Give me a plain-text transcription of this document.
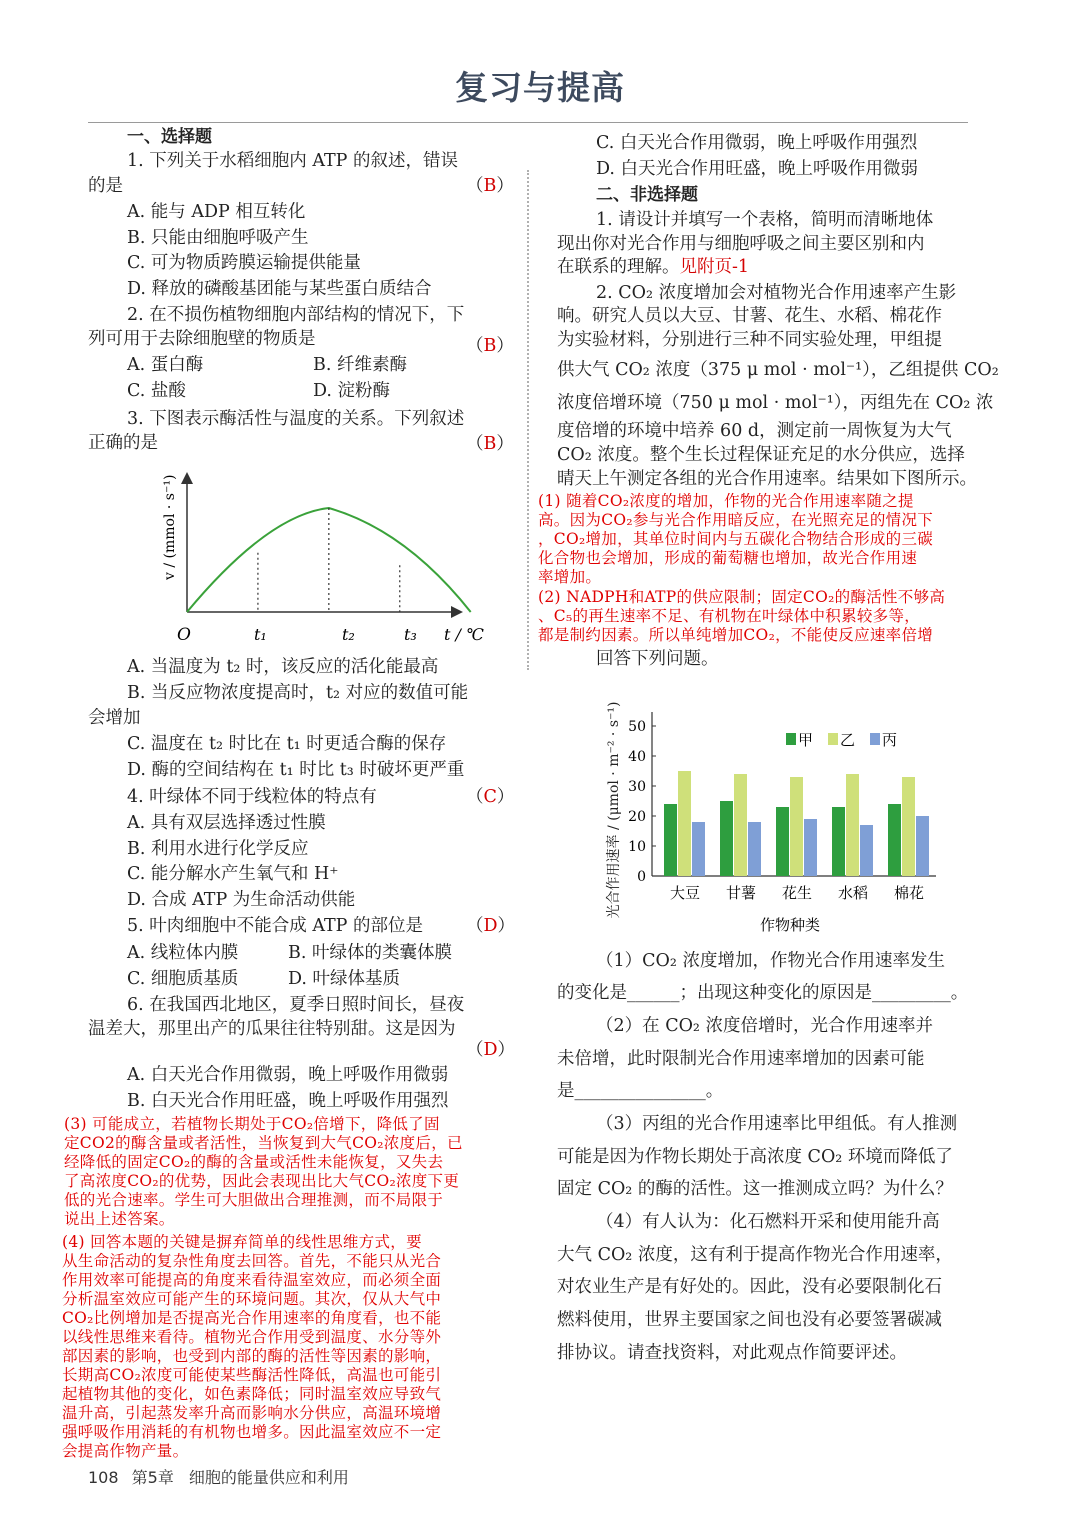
复习与提高
一、选择题
1. 下列关于水稻细胞内 ATP 的叙述，错误
的是	（B）
A. 能与 ADP 相互转化
B. 只能由细胞呼吸产生
C. 可为物质跨膜运输提供能量
D. 释放的磷酸基团能与某些蛋白质结合
2. 在不损伤植物细胞内部结构的情况下，下
列可用于去除细胞壁的物质是	（B）
A. 蛋白酶	B. 纤维素酶
C. 盐酸	D. 淀粉酶
3. 下图表示酶活性与温度的关系。下列叙述
正确的是	（B）
O	t₁	t₂	t₃ t / ℃
v / (mmol · s⁻¹)
A. 当温度为 t₂ 时，该反应的活化能最高
B. 当反应物浓度提高时，t₂ 对应的数值可能
会增加
C. 温度在 t₂ 时比在 t₁ 时更适合酶的保存
D. 酶的空间结构在 t₁ 时比 t₃ 时破坏更严重
4. 叶绿体不同于线粒体的特点有	（C）
A. 具有双层选择透过性膜
B. 利用水进行化学反应
C. 能分解水产生氧气和 H⁺
D. 合成 ATP 为生命活动供能
5. 叶肉细胞中不能合成 ATP 的部位是 （D）
A. 线粒体内膜	B. 叶绿体的类囊体膜
C. 细胞质基质	D. 叶绿体基质
6. 在我国西北地区，夏季日照时间长，昼夜
温差大，那里出产的瓜果往往特别甜。这是因为
（D）
A. 白天光合作用微弱，晚上呼吸作用微弱
B. 白天光合作用旺盛，晚上呼吸作用强烈
(3) 可能成立，若植物长期处于CO₂倍增下，降低了固
定CO2的酶含量或者活性，当恢复到大气CO₂浓度后，已
经降低的固定CO₂的酶的含量或活性未能恢复，又失去
了高浓度CO₂的优势，因此会表现出比大气CO₂浓度下更
低的光合速率。学生可大胆做出合理推测，而不局限于
说出上述答案。
(4) 回答本题的关键是摒弃简单的线性思维方式，要
从生命活动的复杂性角度去回答。首先，不能只从光合
作用效率可能提高的角度来看待温室效应，而必须全面
分析温室效应可能产生的环境问题。其次，仅从大气中
CO₂比例增加是否提高光合作用速率的角度看，也不能
以线性思维来看待。植物光合作用受到温度、水分等外
部因素的影响，也受到内部的酶的活性等因素的影响，
长期高CO₂浓度可能使某些酶活性降低，高温也可能引
起植物其他的变化，如色素降低；同时温室效应导致气
温升高，引起蒸发率升高而影响水分供应，高温环境增
强呼吸作用消耗的有机物也增多。因此温室效应不一定
会提高作物产量。
C. 白天光合作用微弱，晚上呼吸作用强烈
D. 白天光合作用旺盛，晚上呼吸作用微弱
二、非选择题
1. 请设计并填写一个表格，简明而清晰地体
现出你对光合作用与细胞呼吸之间主要区别和内
在联系的理解。见附页-1
2. CO₂ 浓度增加会对植物光合作用速率产生影
响。研究人员以大豆、甘薯、花生、水稻、棉花作
为实验材料，分别进行三种不同实验处理，甲组提
供大气 CO₂ 浓度（375 μ mol · mol⁻¹），乙组提供 CO₂
浓度倍增环境（750 μ mol · mol⁻¹），丙组先在 CO₂ 浓
度倍增的环境中培养 60 d，测定前一周恢复为大气
CO₂ 浓度。整个生长过程保证充足的水分供应，选择
晴天上午测定各组的光合作用速率。结果如下图所示。
(1) 随着CO₂浓度的增加，作物的光合作用速率随之提
高。因为CO₂参与光合作用暗反应，在光照充足的情况下
，CO₂增加，其单位时间内与五碳化合物结合形成的三碳
化合物也会增加，形成的葡萄糖也增加，故光合作用速
率增加。
(2) NADPH和ATP的供应限制；固定CO₂的酶活性不够高
、C₅的再生速率不足、有机物在叶绿体中积累较多等，
都是制约因素。所以单纯增加CO₂，不能使反应速率倍增
回答下列问题。
0
10
20
30
40
50
大豆 甘薯 花生 水稻 棉花
甲 乙 丙
作物种类
光合作用速率 / (μmol · m⁻² · s⁻¹)
（1）CO₂ 浓度增加，作物光合作用速率发生
的变化是______；出现这种变化的原因是_________。
（2）在 CO₂ 浓度倍增时，光合作用速率并
未倍增，此时限制光合作用速率增加的因素可能
是_______________。
（3）丙组的光合作用速率比甲组低。有人推测
可能是因为作物长期处于高浓度 CO₂ 环境而降低了
固定 CO₂ 的酶的活性。这一推测成立吗？为什么？
（4）有人认为：化石燃料开采和使用能升高
大气 CO₂ 浓度，这有利于提高作物光合作用速率，
对农业生产是有好处的。因此，没有必要限制化石
燃料使用，世界主要国家之间也没有必要签署碳减
排协议。请查找资料，对此观点作简要评述。
108 第5章 细胞的能量供应和利用
